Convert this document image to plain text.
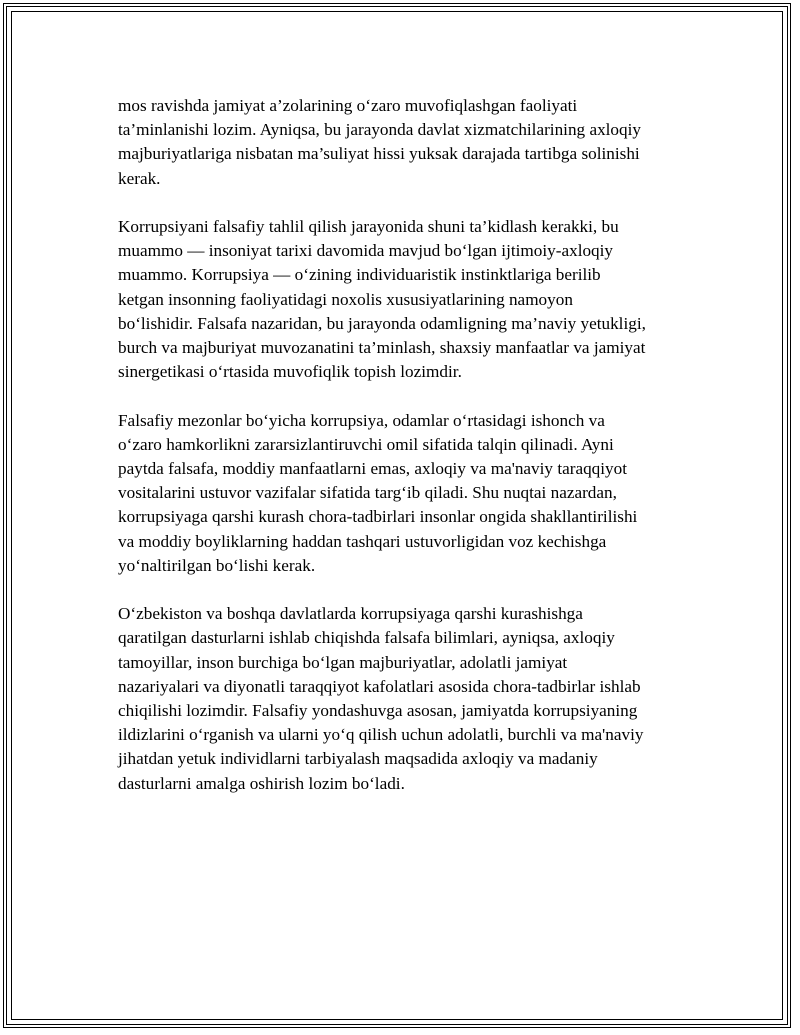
mos ravishda jamiyat a’zolarining o‘zaro muvofiqlashgan faoliyati
ta’minlanishi lozim. Ayniqsa, bu jarayonda davlat xizmatchilarining axloqiy
majburiyatlariga nisbatan ma’suliyat hissi yuksak darajada tartibga solinishi
kerak.

Korrupsiyani falsafiy tahlil qilish jarayonida shuni ta’kidlash kerakki, bu
muammo — insoniyat tarixi davomida mavjud bo‘lgan ijtimoiy-axloqiy
muammo. Korrupsiya — o‘zining individuaristik instinktlariga berilib
ketgan insonning faoliyatidagi noxolis xususiyatlarining namoyon
bo‘lishidir. Falsafa nazaridan, bu jarayonda odamligning ma’naviy yetukligi,
burch va majburiyat muvozanatini ta’minlash, shaxsiy manfaatlar va jamiyat
sinergetikasi o‘rtasida muvofiqlik topish lozimdir.

Falsafiy mezonlar bo‘yicha korrupsiya, odamlar o‘rtasidagi ishonch va
o‘zaro hamkorlikni zararsizlantiruvchi omil sifatida talqin qilinadi. Ayni
paytda falsafa, moddiy manfaatlarni emas, axloqiy va ma'naviy taraqqiyot
vositalarini ustuvor vazifalar sifatida targ‘ib qiladi. Shu nuqtai nazardan,
korrupsiyaga qarshi kurash chora-tadbirlari insonlar ongida shakllantirilishi
va moddiy boyliklarning haddan tashqari ustuvorligidan voz kechishga
yo‘naltirilgan bo‘lishi kerak.

O‘zbekiston va boshqa davlatlarda korrupsiyaga qarshi kurashishga
qaratilgan dasturlarni ishlab chiqishda falsafa bilimlari, ayniqsa, axloqiy
tamoyillar, inson burchiga bo‘lgan majburiyatlar, adolatli jamiyat
nazariyalari va diyonatli taraqqiyot kafolatlari asosida chora-tadbirlar ishlab
chiqilishi lozimdir. Falsafiy yondashuvga asosan, jamiyatda korrupsiyaning
ildizlarini o‘rganish va ularni yo‘q qilish uchun adolatli, burchli va ma'naviy
jihatdan yetuk individlarni tarbiyalash maqsadida axloqiy va madaniy
dasturlarni amalga oshirish lozim bo‘ladi.
